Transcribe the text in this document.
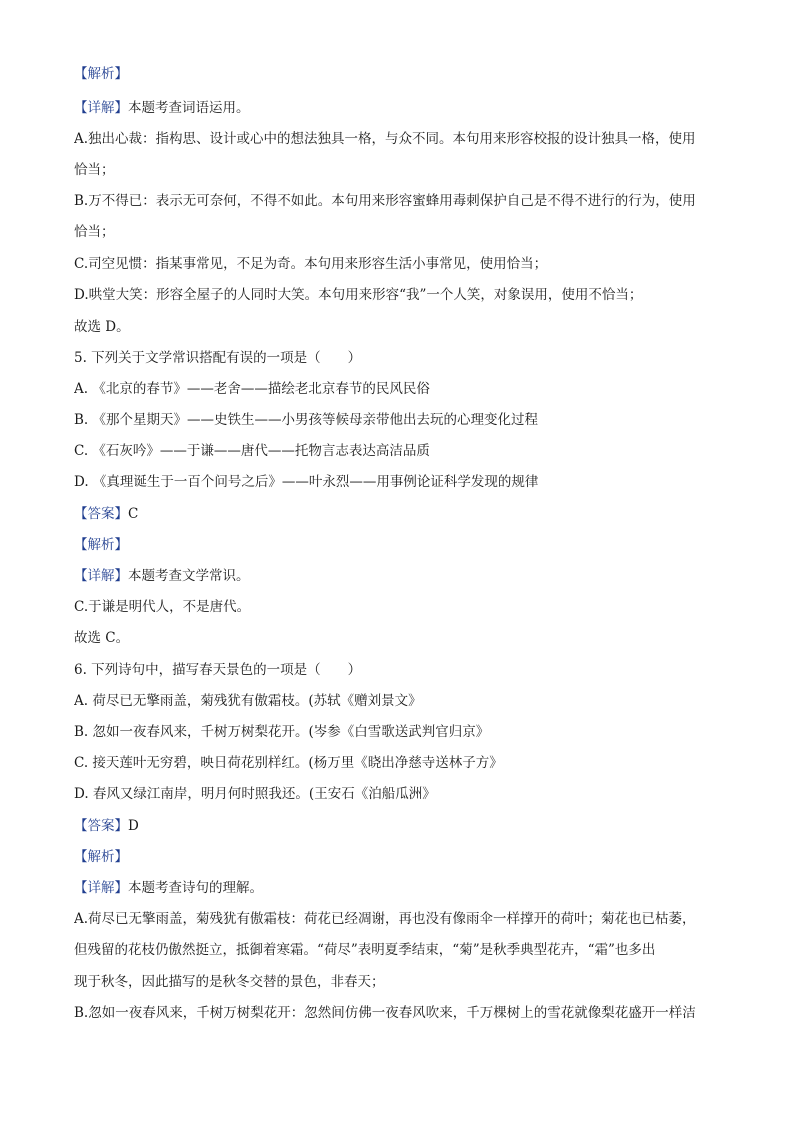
【解析】
【详解】本题考查词语运用。
A.独出心裁：指构思、设计或心中的想法独具一格，与众不同。本句用来形容校报的设计独具一格，使用
恰当；
B.万不得已：表示无可奈何，不得不如此。本句用来形容蜜蜂用毒刺保护自己是不得不进行的行为，使用
恰当；
C.司空见惯：指某事常见，不足为奇。本句用来形容生活小事常见，使用恰当；
D.哄堂大笑：形容全屋子的人同时大笑。本句用来形容“我”一个人笑，对象误用，使用不恰当；
故选 D。
5. 下列关于文学常识搭配有误的一项是（　　）
A. 《北京的春节》——老舍——描绘老北京春节的民风民俗
B. 《那个星期天》——史铁生——小男孩等候母亲带他出去玩的心理变化过程
C. 《石灰吟》——于谦——唐代——托物言志表达高洁品质
D. 《真理诞生于一百个问号之后》——叶永烈——用事例论证科学发现的规律
【答案】C
【解析】
【详解】本题考查文学常识。
C.于谦是明代人，不是唐代。
故选 C。
6. 下列诗句中，描写春天景色的一项是（　　）
A. 荷尽已无擎雨盖，菊残犹有傲霜枝。(苏轼《赠刘景文》
B. 忽如一夜春风来，千树万树梨花开。(岑参《白雪歌送武判官归京》
C. 接天莲叶无穷碧，映日荷花别样红。(杨万里《晓出净慈寺送林子方》
D. 春风又绿江南岸，明月何时照我还。(王安石《泊船瓜洲》
【答案】D
【解析】
【详解】本题考查诗句的理解。
A.荷尽已无擎雨盖，菊残犹有傲霜枝：荷花已经凋谢，再也没有像雨伞一样撑开的荷叶；菊花也已枯萎，
但残留的花枝仍傲然挺立，抵御着寒霜。“荷尽”表明夏季结束，“菊”是秋季典型花卉，“霜”也多出
现于秋冬，因此描写的是秋冬交替的景色，非春天；
B.忽如一夜春风来，千树万树梨花开：忽然间仿佛一夜春风吹来，千万棵树上的雪花就像梨花盛开一样洁
